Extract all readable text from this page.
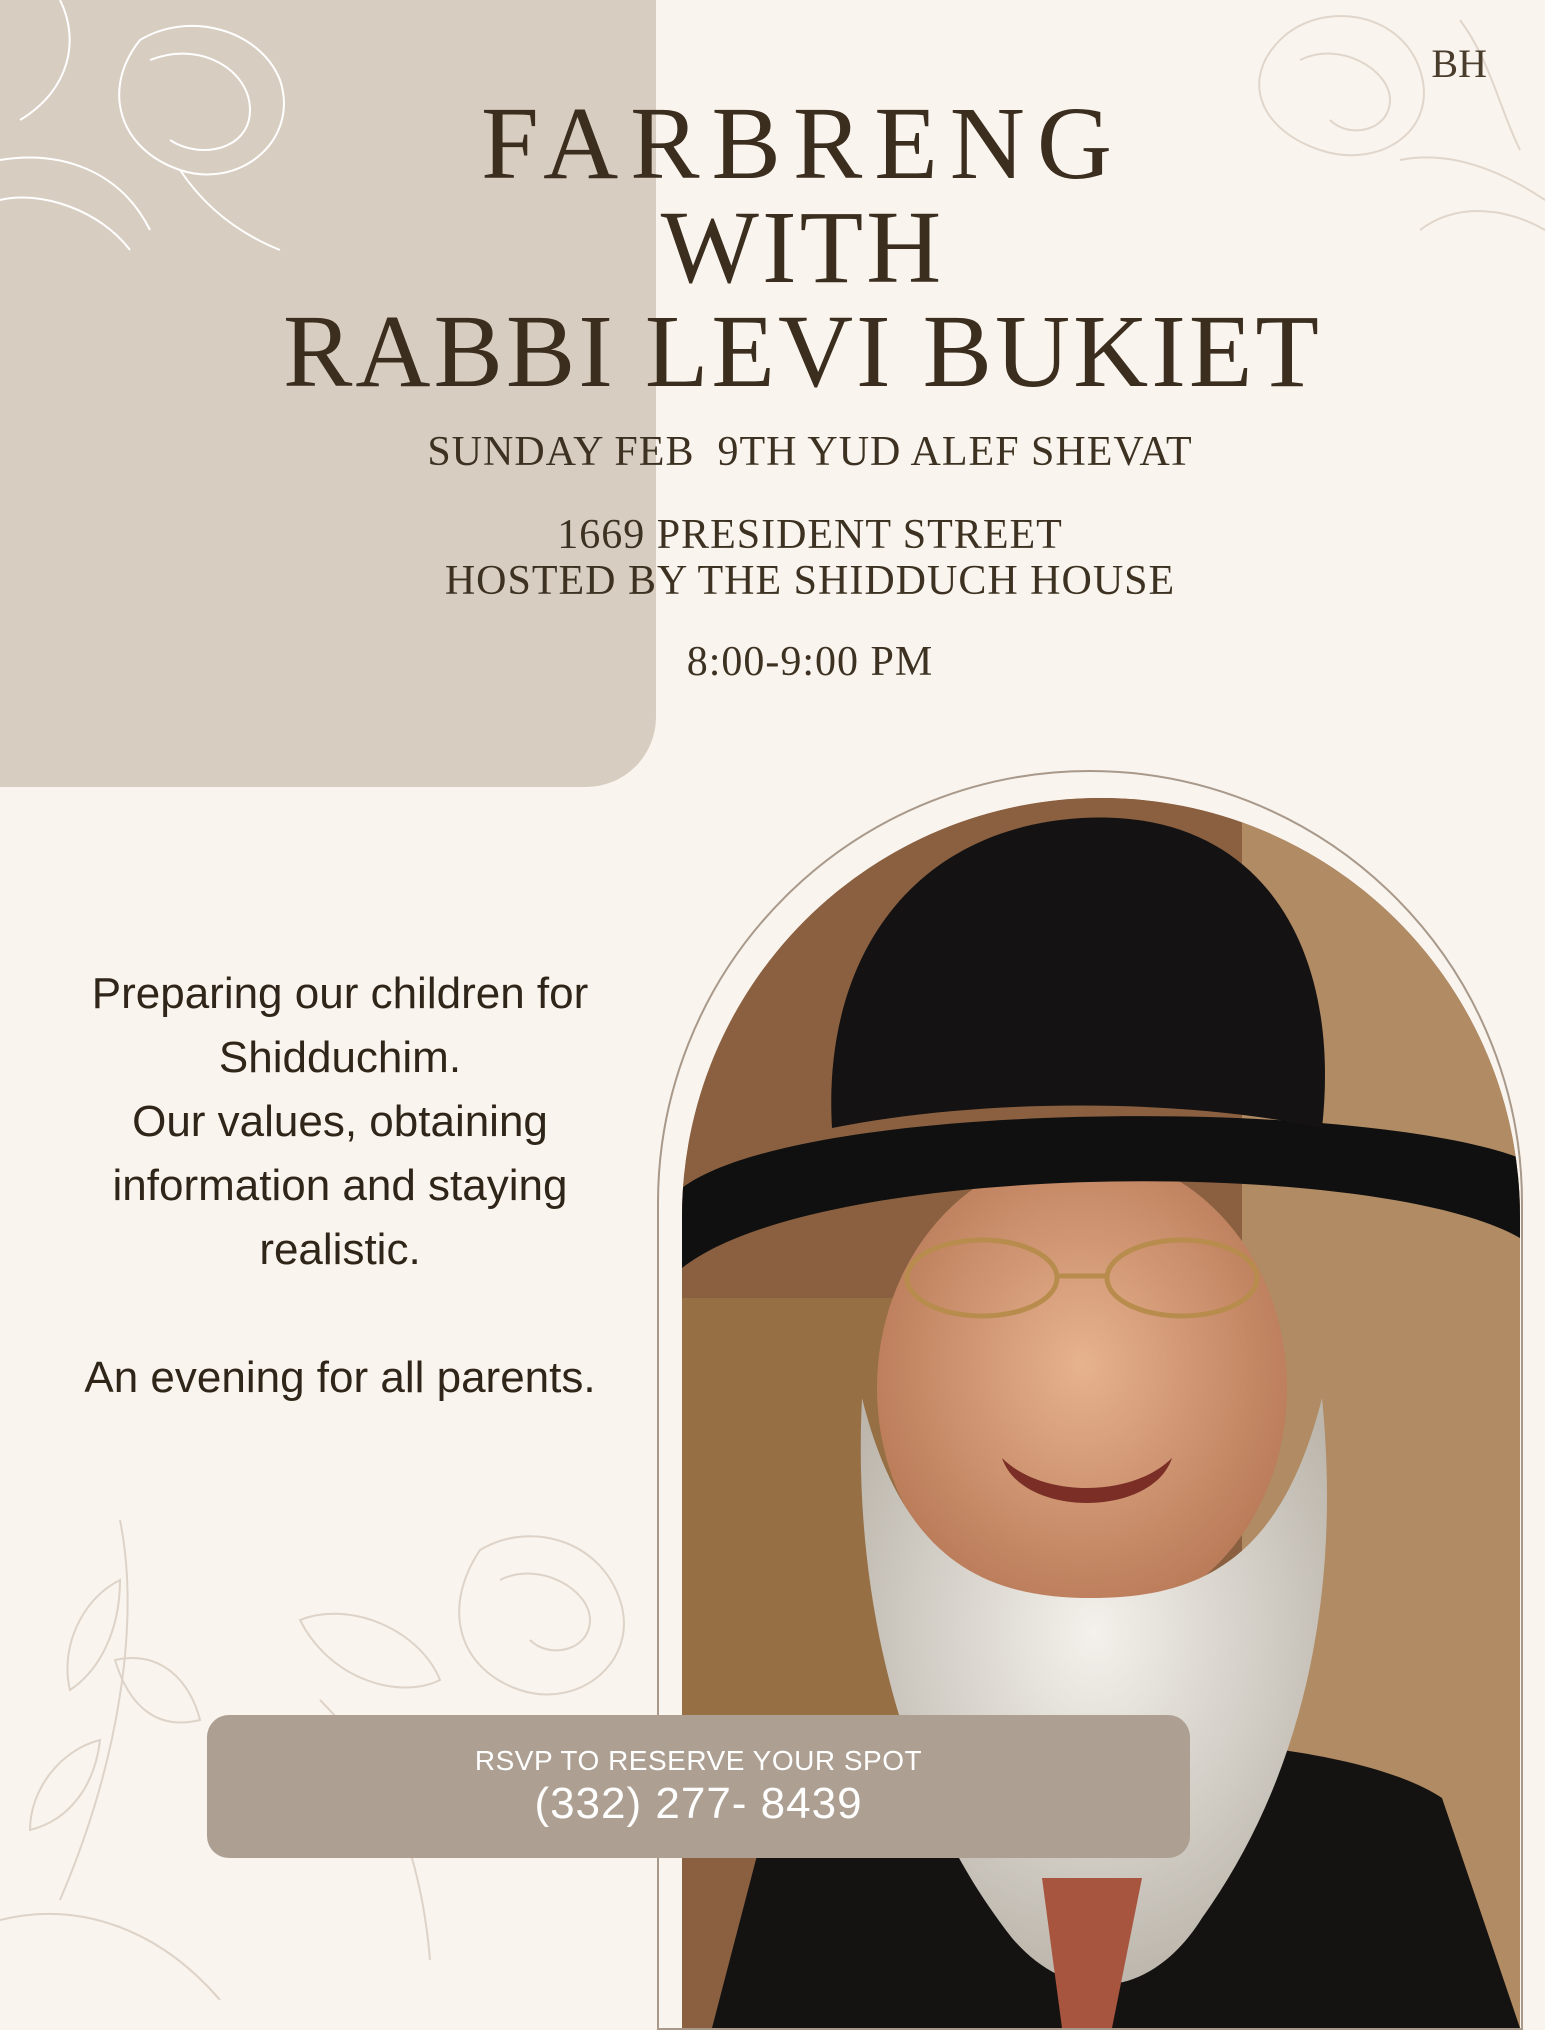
BH
FARBRENG
WITH
RABBI LEVI BUKIET
SUNDAY FEB  9TH YUD ALEF SHEVAT
1669 PRESIDENT STREET
HOSTED BY THE SHIDDUCH HOUSE
8:00-9:00 PM

Preparing our children for

Shidduchim.

Our values, obtaining

information and staying

realistic.

An evening for all parents.

RSVP TO RESERVE YOUR SPOT
(332) 277- 8439
